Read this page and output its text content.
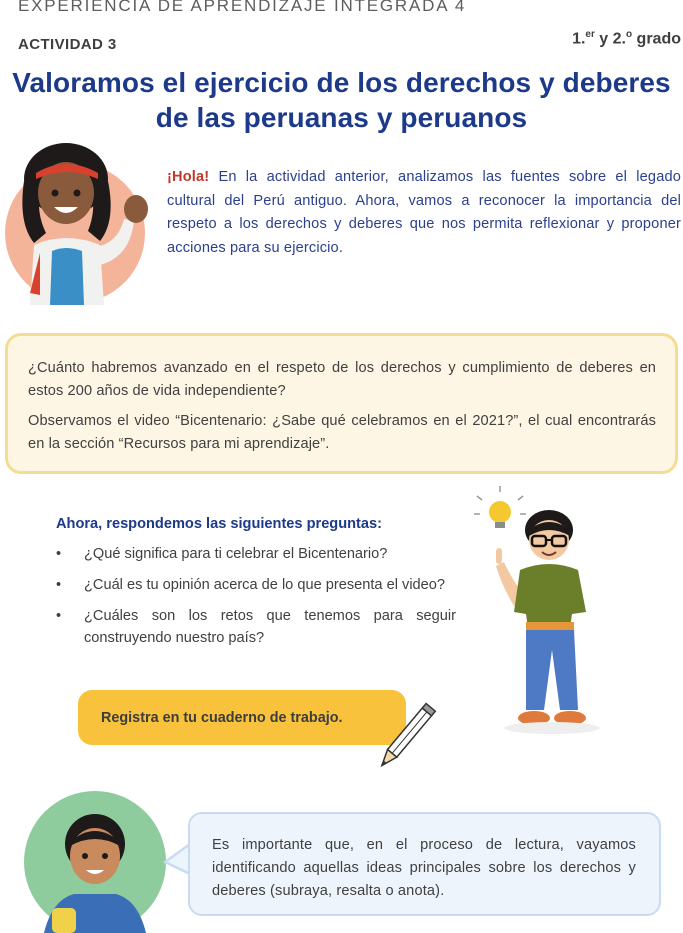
EXPERIENCIA DE APRENDIZAJE INTEGRADA 4
ACTIVIDAD 3	1.$^{er}$ y 2.$^o$ grado
Valoramos el ejercicio de los derechos y deberes
de las peruanas y peruanos
¡Hola! En la actividad anterior, analizamos las fuentes sobre el legado cultural del Perú antiguo. Ahora, vamos a reconocer la importancia del respeto a los derechos y deberes que nos permita reflexionar y proponer acciones para su ejercicio.
¿Cuánto habremos avanzado en el respeto de los derechos y cumplimiento de deberes en estos 200 años de vida independiente?
Observamos el video “Bicentenario: ¿Sabe qué celebramos en el 2021?”, el cual encontrarás en la sección “Recursos para mi aprendizaje”.
Ahora, respondemos las siguientes preguntas:
• ¿Qué significa para ti celebrar el Bicentenario?
• ¿Cuál es tu opinión acerca de lo que presenta el video?
• ¿Cuáles son los retos que tenemos para seguir construyendo nuestro país?
Registra en tu cuaderno de trabajo.
Es importante que, en el proceso de lectura, vayamos identificando aquellas ideas principales sobre los derechos y deberes (subraya, resalta o anota).
